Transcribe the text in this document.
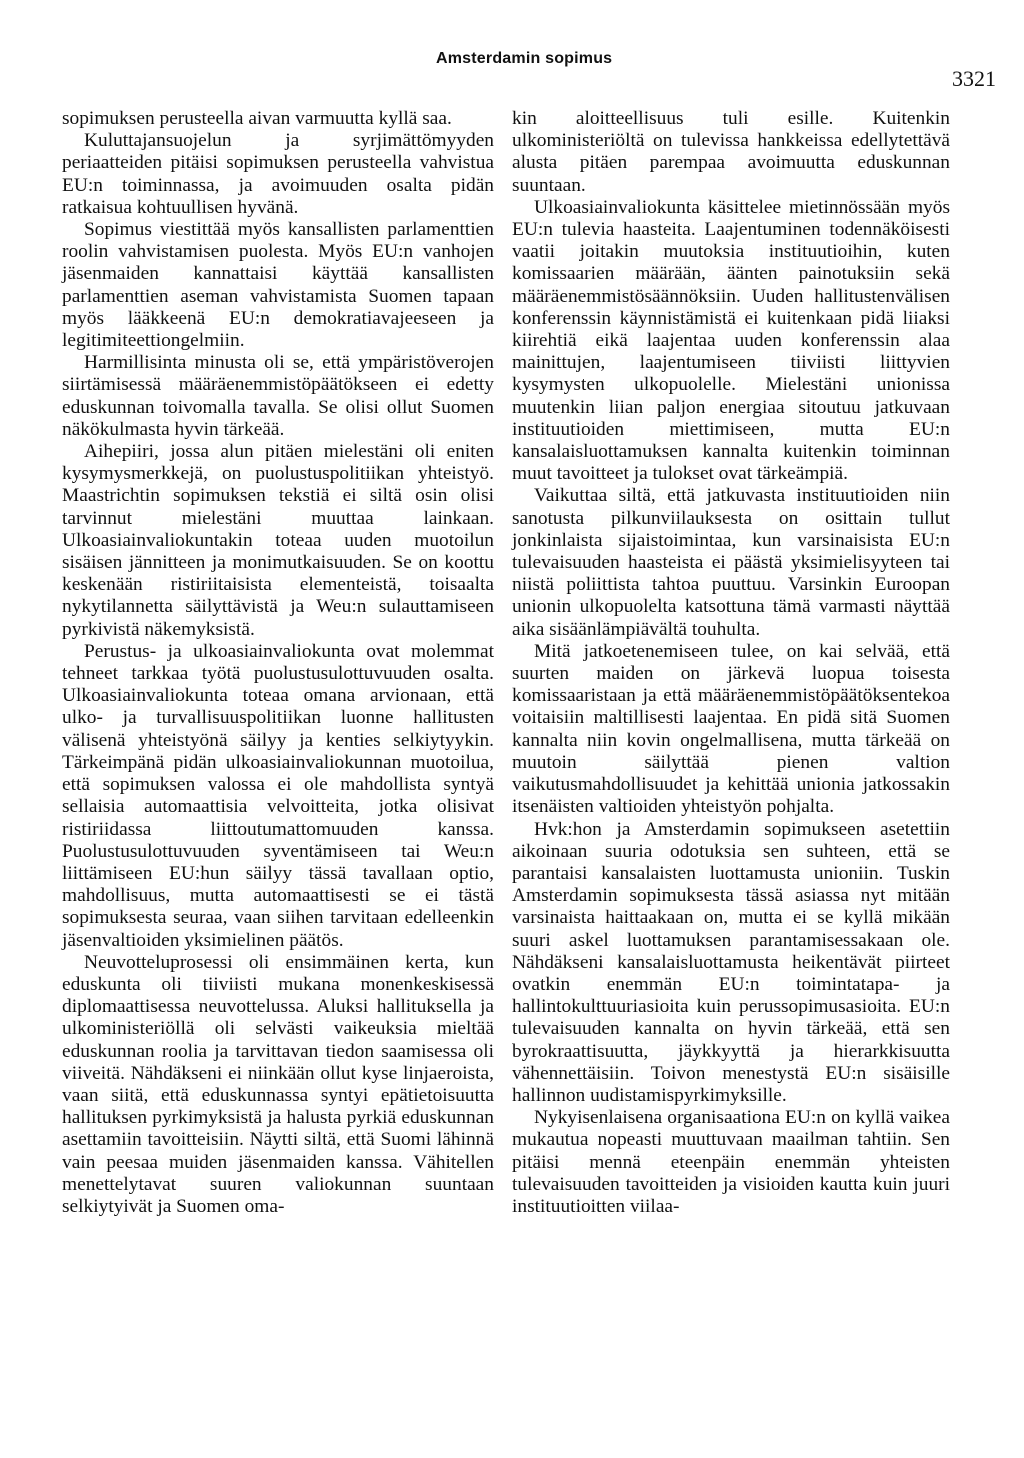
Amsterdamin sopimus
3321

sopimuksen perusteella aivan varmuutta kyllä saa.

Kuluttajansuojelun ja syrjimättömyyden periaatteiden pitäisi sopimuksen perusteella vahvistua EU:n toiminnassa, ja avoimuuden osalta pidän ratkaisua kohtuullisen hyvänä.

Sopimus viestittää myös kansallisten parlamenttien roolin vahvistamisen puolesta. Myös EU:n vanhojen jäsenmaiden kannattaisi käyttää kansallisten parlamenttien aseman vahvistamista Suomen tapaan myös lääkkeenä EU:n demokratiavajeeseen ja legitimiteettiongelmiin.

Harmillisinta minusta oli se, että ympäristöverojen siirtämisessä määräenemmistöpäätökseen ei edetty eduskunnan toivomalla tavalla. Se olisi ollut Suomen näkökulmasta hyvin tärkeää.

Aihepiiri, jossa alun pitäen mielestäni oli eniten kysymysmerkkejä, on puolustuspolitiikan yhteistyö. Maastrichtin sopimuksen tekstiä ei siltä osin olisi tarvinnut mielestäni muuttaa lainkaan. Ulkoasiainvaliokuntakin toteaa uuden muotoilun sisäisen jännitteen ja monimutkaisuuden. Se on koottu keskenään ristiriitaisista elementeistä, toisaalta nykytilannetta säilyttävistä ja Weu:n sulauttamiseen pyrkivistä näkemyksistä.

Perustus- ja ulkoasiainvaliokunta ovat molemmat tehneet tarkkaa työtä puolustusulottuvuuden osalta. Ulkoasiainvaliokunta toteaa omana arvionaan, että ulko- ja turvallisuuspolitiikan luonne hallitusten välisenä yhteistyönä säilyy ja kenties selkiytyykin. Tärkeimpänä pidän ulkoasiainvaliokunnan muotoilua, että sopimuksen valossa ei ole mahdollista syntyä sellaisia automaattisia velvoitteita, jotka olisivat ristiriidassa liittoutumattomuuden kanssa. Puolustusulottuvuuden syventämiseen tai Weu:n liittämiseen EU:hun säilyy tässä tavallaan optio, mahdollisuus, mutta automaattisesti se ei tästä sopimuksesta seuraa, vaan siihen tarvitaan edelleenkin jäsenvaltioiden yksimielinen päätös.

Neuvotteluprosessi oli ensimmäinen kerta, kun eduskunta oli tiiviisti mukana monenkeskisessä diplomaattisessa neuvottelussa. Aluksi hallituksella ja ulkoministeriöllä oli selvästi vaikeuksia mieltää eduskunnan roolia ja tarvittavan tiedon saamisessa oli viiveitä. Nähdäkseni ei niinkään ollut kyse linjaeroista, vaan siitä, että eduskunnassa syntyi epätietoisuutta hallituksen pyrkimyksistä ja halusta pyrkiä eduskunnan asettamiin tavoitteisiin. Näytti siltä, että Suomi lähinnä vain peesaa muiden jäsenmaiden kanssa. Vähitellen menettelytavat suuren valiokunnan suuntaan selkiytyivät ja Suomen oma-

kin aloitteellisuus tuli esille. Kuitenkin ulkoministeriöltä on tulevissa hankkeissa edellytettävä alusta pitäen parempaa avoimuutta eduskunnan suuntaan.

Ulkoasiainvaliokunta käsittelee mietinnössään myös EU:n tulevia haasteita. Laajentuminen todennäköisesti vaatii joitakin muutoksia instituutioihin, kuten komissaarien määrään, äänten painotuksiin sekä määräenemmistösäännöksiin. Uuden hallitustenvälisen konferenssin käynnistämistä ei kuitenkaan pidä liiaksi kiirehtiä eikä laajentaa uuden konferenssin alaa mainittujen, laajentumiseen tiiviisti liittyvien kysymysten ulkopuolelle. Mielestäni unionissa muutenkin liian paljon energiaa sitoutuu jatkuvaan instituutioiden miettimiseen, mutta EU:n kansalaisluottamuksen kannalta kuitenkin toiminnan muut tavoitteet ja tulokset ovat tärkeämpiä.

Vaikuttaa siltä, että jatkuvasta instituutioiden niin sanotusta pilkunviilauksesta on osittain tullut jonkinlaista sijaistoimintaa, kun varsinaisista EU:n tulevaisuuden haasteista ei päästä yksimielisyyteen tai niistä poliittista tahtoa puuttuu. Varsinkin Euroopan unionin ulkopuolelta katsottuna tämä varmasti näyttää aika sisäänlämpiävältä touhulta.

Mitä jatkoetenemiseen tulee, on kai selvää, että suurten maiden on järkevä luopua toisesta komissaaristaan ja että määräenemmistöpäätöksentekoa voitaisiin maltillisesti laajentaa. En pidä sitä Suomen kannalta niin kovin ongelmallisena, mutta tärkeää on muutoin säilyttää pienen valtion vaikutusmahdollisuudet ja kehittää unionia jatkossakin itsenäisten valtioiden yhteistyön pohjalta.

Hvk:hon ja Amsterdamin sopimukseen asetettiin aikoinaan suuria odotuksia sen suhteen, että se parantaisi kansalaisten luottamusta unioniin. Tuskin Amsterdamin sopimuksesta tässä asiassa nyt mitään varsinaista haittaakaan on, mutta ei se kyllä mikään suuri askel luottamuksen parantamisessakaan ole. Nähdäkseni kansalaisluottamusta heikentävät piirteet ovatkin enemmän EU:n toimintatapa- ja hallintokulttuuriasioita kuin perussopimusasioita. EU:n tulevaisuuden kannalta on hyvin tärkeää, että sen byrokraattisuutta, jäykkyyttä ja hierarkkisuutta vähennettäisiin. Toivon menestystä EU:n sisäisille hallinnon uudistamispyrkimyksille.

Nykyisenlaisena organisaationa EU:n on kyllä vaikea mukautua nopeasti muuttuvaan maailman tahtiin. Sen pitäisi mennä eteenpäin enemmän yhteisten tulevaisuuden tavoitteiden ja visioiden kautta kuin juuri instituutioitten viilaa-
